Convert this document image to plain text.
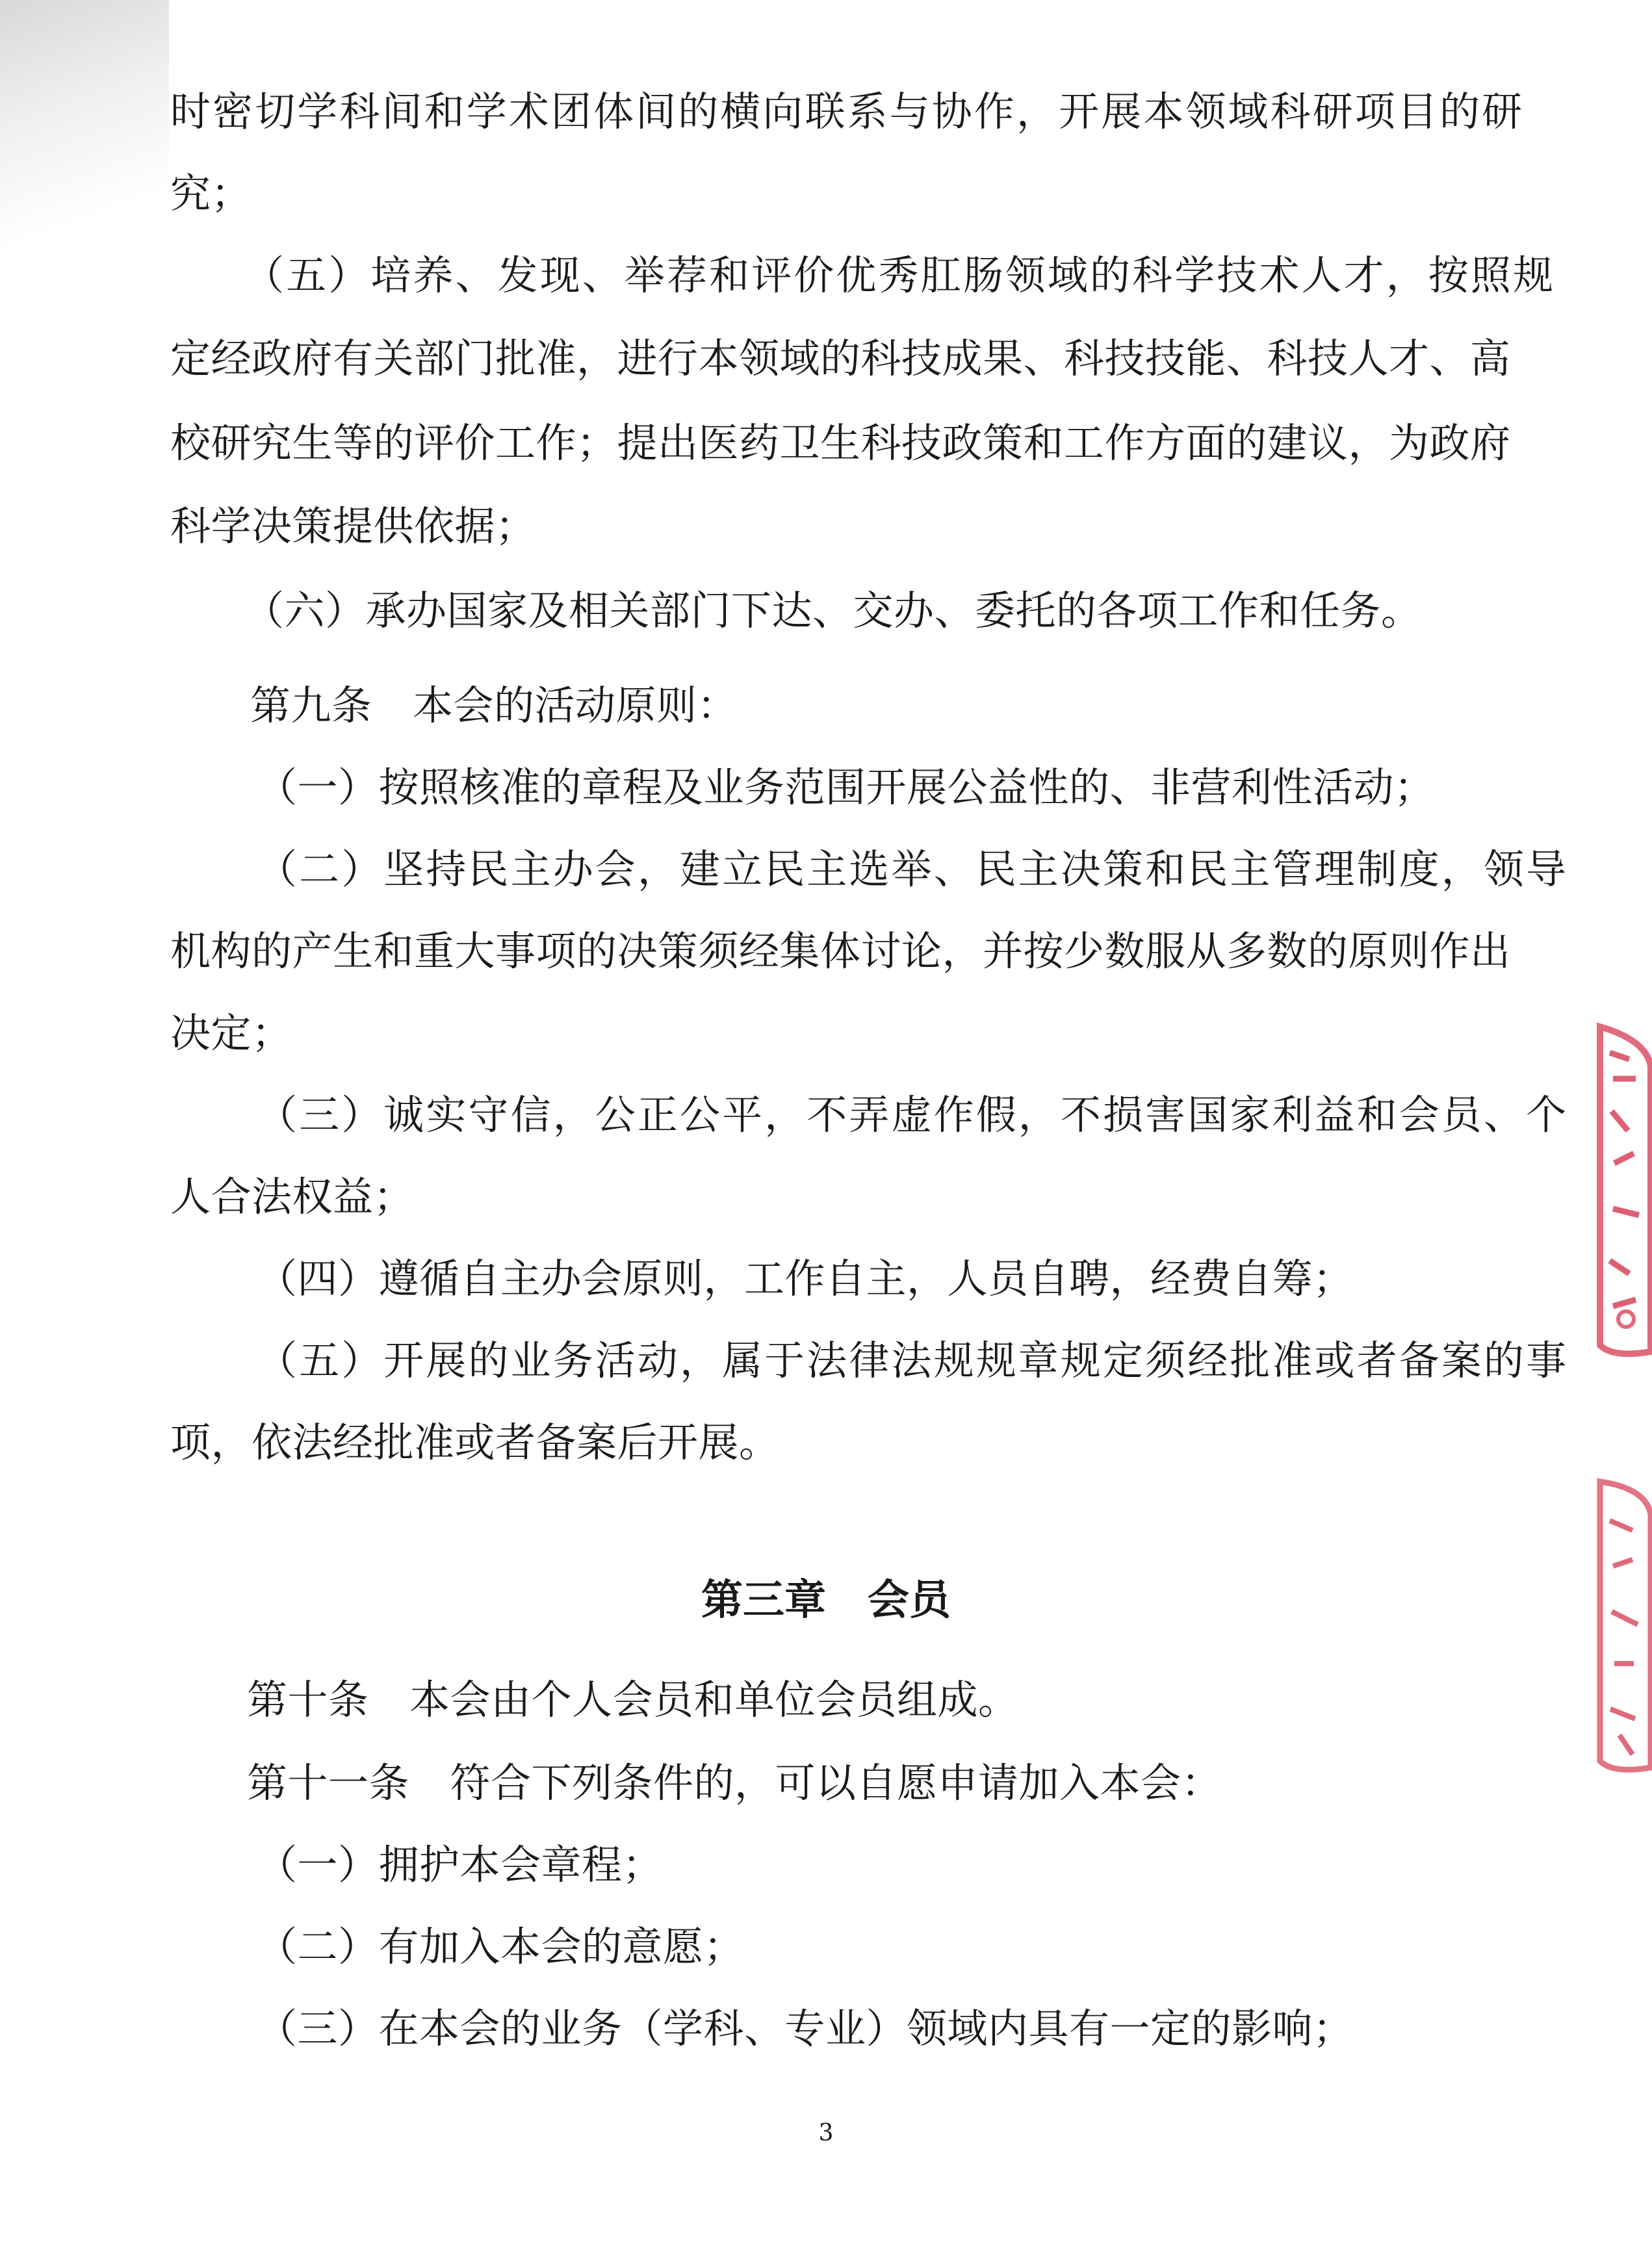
时密切学科间和学术团体间的横向联系与协作，开展本领域科研项目的研
究；
（五）培养、发现、举荐和评价优秀肛肠领域的科学技术人才，按照规
定经政府有关部门批准，进行本领域的科技成果、科技技能、科技人才、高
校研究生等的评价工作；提出医药卫生科技政策和工作方面的建议，为政府
科学决策提供依据；
（六）承办国家及相关部门下达、交办、委托的各项工作和任务。
第九条　本会的活动原则：
（一）按照核准的章程及业务范围开展公益性的、非营利性活动；
（二）坚持民主办会，建立民主选举、民主决策和民主管理制度，领导
机构的产生和重大事项的决策须经集体讨论，并按少数服从多数的原则作出
决定；
（三）诚实守信，公正公平，不弄虚作假，不损害国家利益和会员、个
人合法权益；
（四）遵循自主办会原则，工作自主，人员自聘，经费自筹；
（五）开展的业务活动，属于法律法规规章规定须经批准或者备案的事
项，依法经批准或者备案后开展。
第三章　会员
第十条　本会由个人会员和单位会员组成。
第十一条　符合下列条件的，可以自愿申请加入本会：
（一）拥护本会章程；
（二）有加入本会的意愿；
（三）在本会的业务（学科、专业）领域内具有一定的影响；
3
